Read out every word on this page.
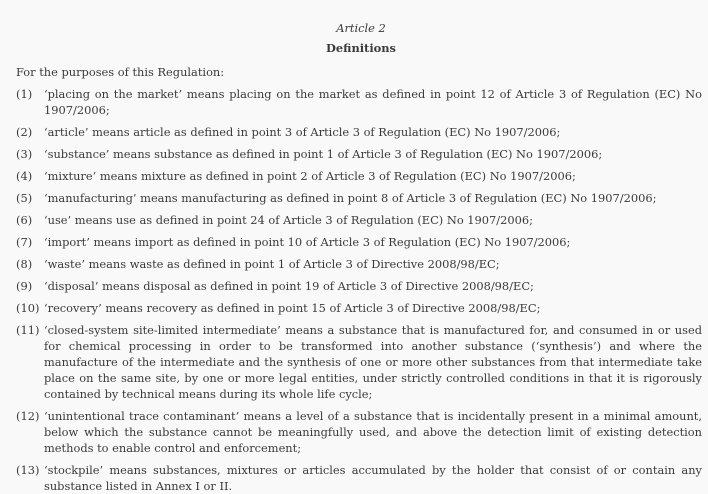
Article 2
Definitions
For the purposes of this Regulation:
(1)	‘placing on the market’ means placing on the market as defined in point 12 of Article 3 of Regulation (EC) No 1907/2006;
(2)	‘article’ means article as defined in point 3 of Article 3 of Regulation (EC) No 1907/2006;
(3)	‘substance’ means substance as defined in point 1 of Article 3 of Regulation (EC) No 1907/2006;
(4)	‘mixture’ means mixture as defined in point 2 of Article 3 of Regulation (EC) No 1907/2006;
(5)	‘manufacturing’ means manufacturing as defined in point 8 of Article 3 of Regulation (EC) No 1907/2006;
(6)	‘use’ means use as defined in point 24 of Article 3 of Regulation (EC) No 1907/2006;
(7)	‘import’ means import as defined in point 10 of Article 3 of Regulation (EC) No 1907/2006;
(8)	‘waste’ means waste as defined in point 1 of Article 3 of Directive 2008/98/EC;
(9)	‘disposal’ means disposal as defined in point 19 of Article 3 of Directive 2008/98/EC;
(10) ‘recovery’ means recovery as defined in point 15 of Article 3 of Directive 2008/98/EC;
(11) ‘closed-system site-limited intermediate’ means a substance that is manufactured for, and consumed in or used for chemical processing in order to be transformed into another substance (‘synthesis’) and where the manufacture of the intermediate and the synthesis of one or more other substances from that intermediate take place on the same site, by one or more legal entities, under strictly controlled conditions in that it is rigorously contained by technical means during its whole life cycle;
(12) ‘unintentional trace contaminant’ means a level of a substance that is incidentally present in a minimal amount, below which the substance cannot be meaningfully used, and above the detection limit of existing detection methods to enable control and enforcement;
(13) ‘stockpile’ means substances, mixtures or articles accumulated by the holder that consist of or contain any substance listed in Annex I or II.
